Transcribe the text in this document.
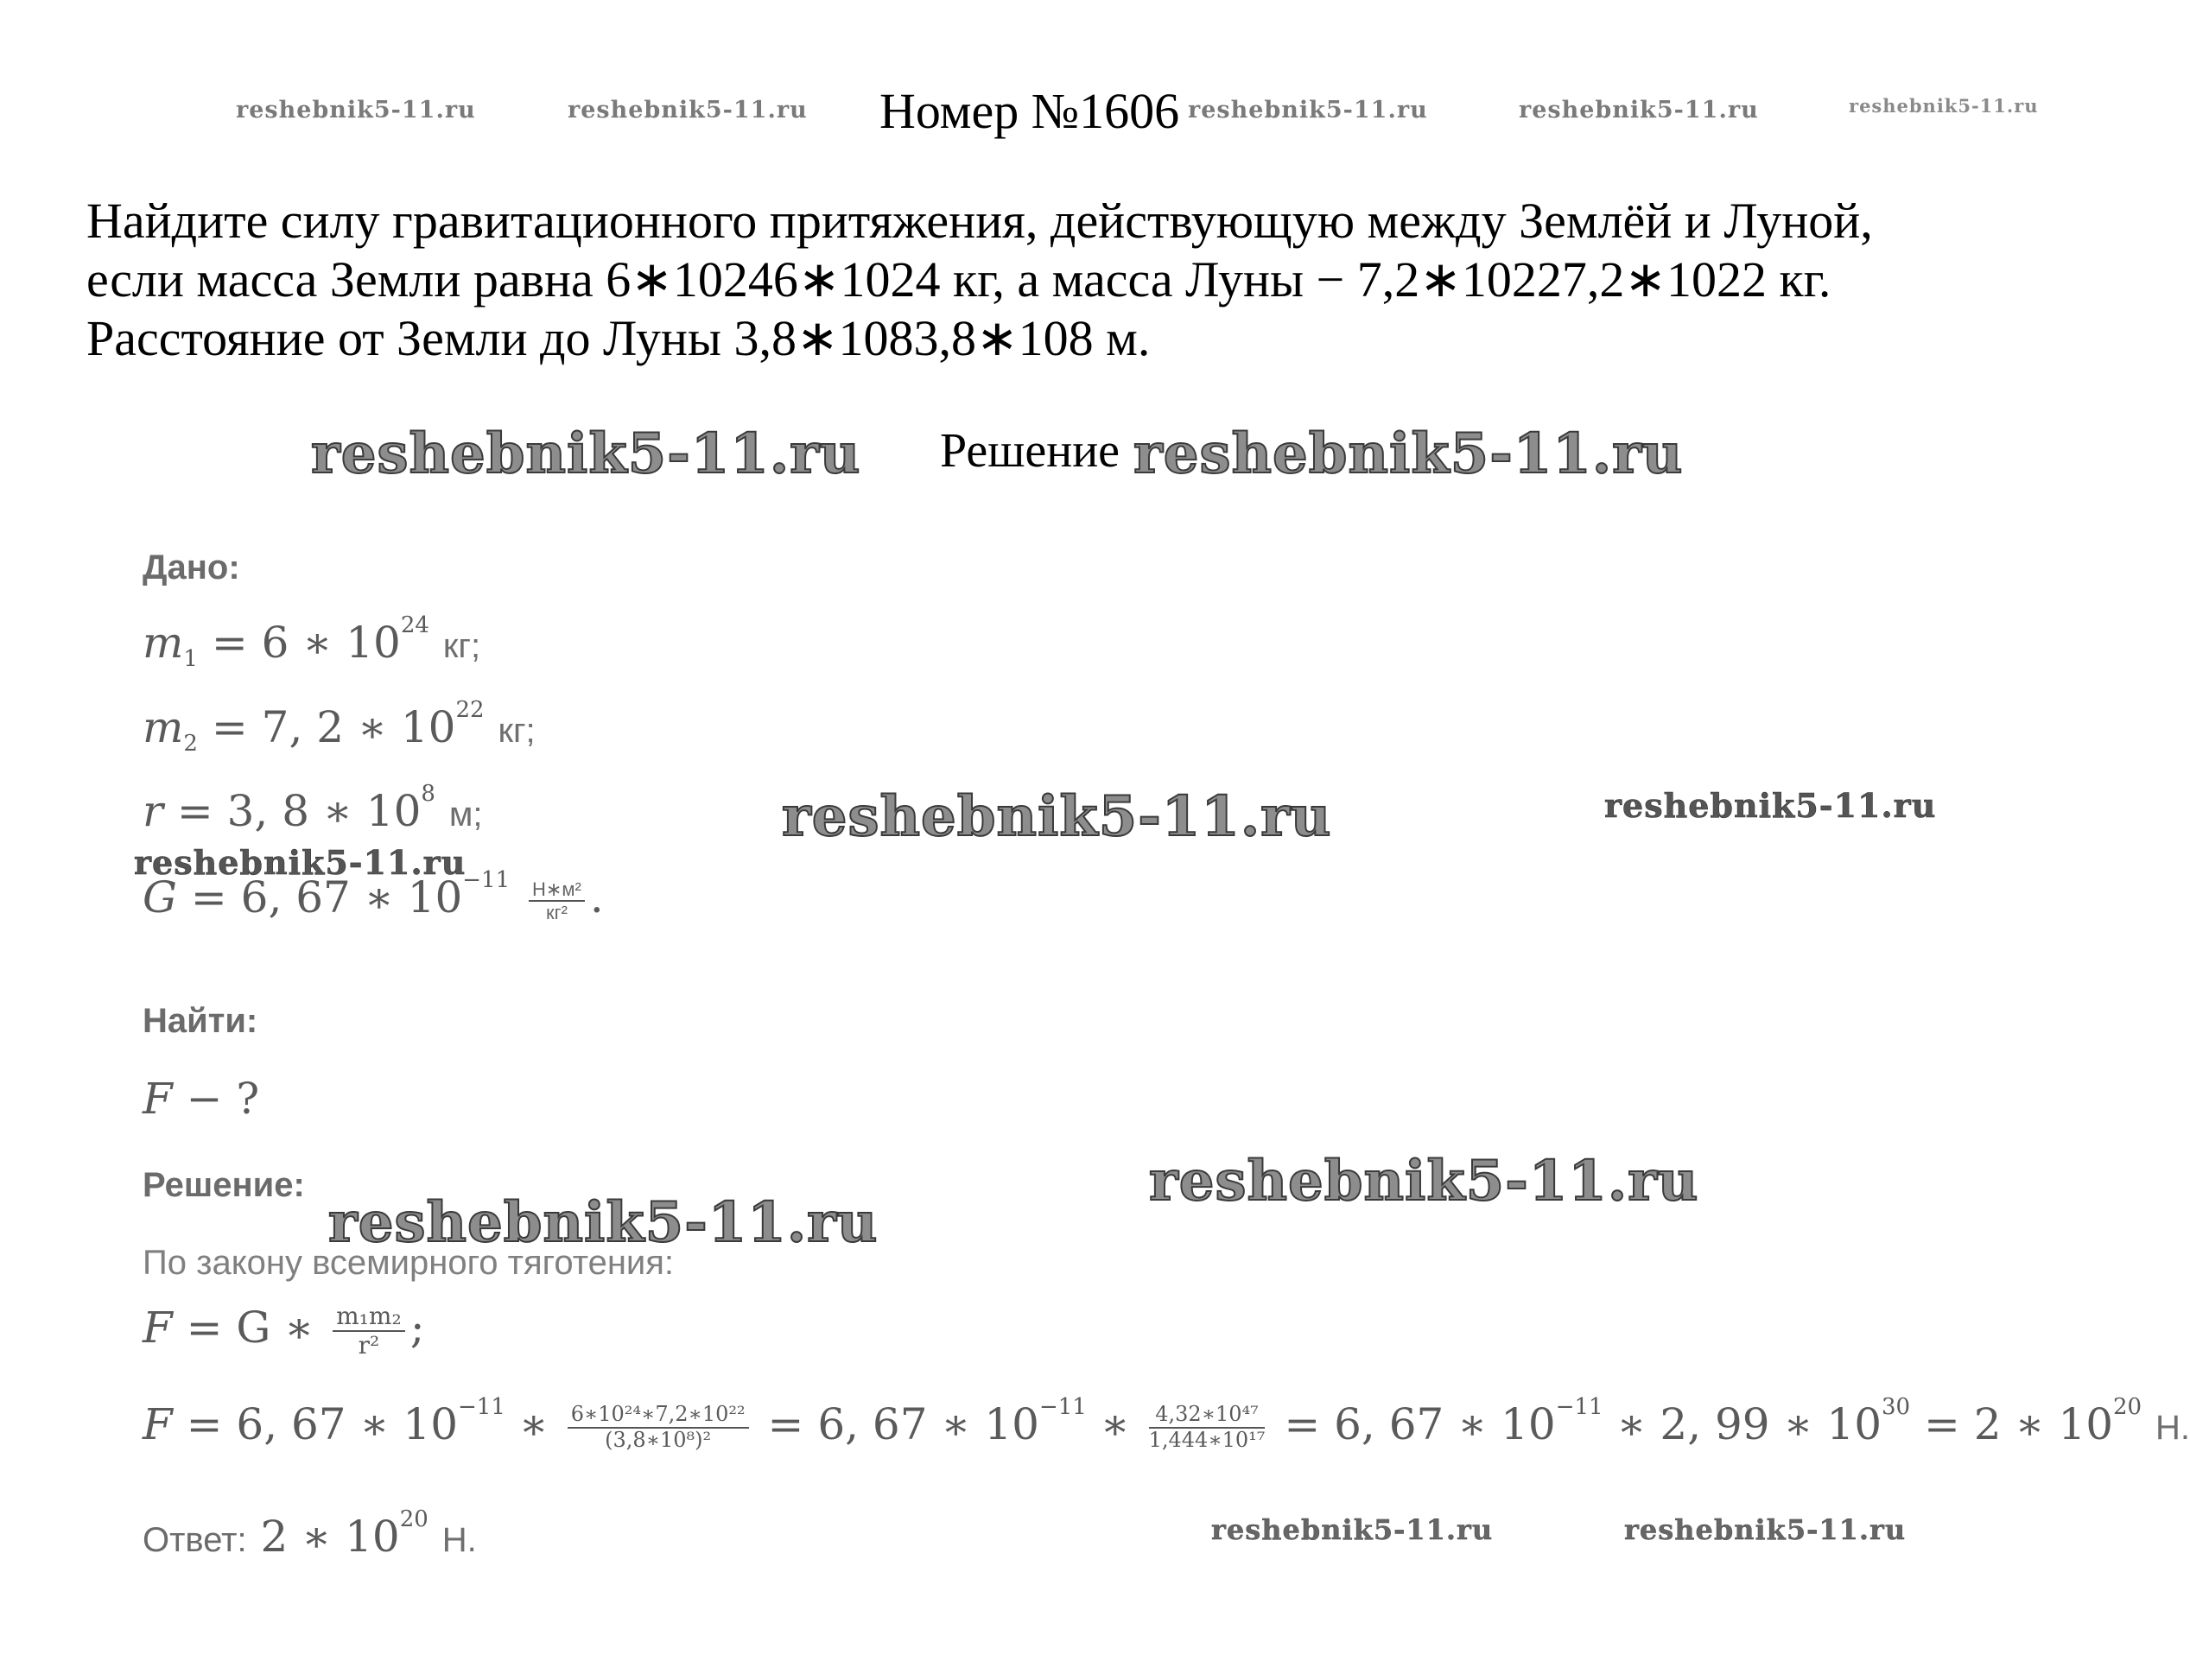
Номер №1606
reshebnik5-11.ru	reshebnik5-11.ru	reshebnik5-11.ru	reshebnik5-11.ru	reshebnik5-11.ru
Найдите силу гравитационного притяжения, действующую между Землёй и Луной,
если масса Земли равна 6∗10246∗1024 кг, а масса Луны − 7,2∗10227,2∗1022 кг.
Расстояние от Земли до Луны 3,8∗1083,8∗108 м.
reshebnik5-11.ru Решение reshebnik5-11.ru
Дано:
$m_1 = 6$ ∗ $10^{24}$ кг;
$m_2 = 7$, 2 ∗ $10^{22}$ кг;
r = 3, 8 ∗ $10^8$ м;	reshebnik5-11.ru	reshebnik5-11.ru
reshebnik5-11.ru
G = 6, 67 ∗ $10^{-11} \frac{\text{Н∗м²}}{\text{кг²}}$ .
Найти:
F − ?
Решение:	reshebnik5-11.ru
reshebnik5-11.ru
По закону всемирного тяготения:
F = G ∗ $\frac{\text{m₁m₂}}{\text{r²}}$ ;
F = 6, 67 ∗ $10^{-11}$ ∗ $\frac{\text{6∗10²⁴∗7,2∗10²²}}{\text{(3,8∗10⁸)²}} = 6$, 67 ∗ $10^{-11}$ ∗ $\frac{\text{4,32∗10⁴⁷}}{\text{1,444∗10¹⁷}} = 6$, 67 ∗ $10^{-11}$ ∗ 2, 99 ∗ $10^{30} = 2$ ∗ $10^{20}$ Н.
Ответ: 2 ∗ $10^{20}$ Н.	reshebnik5-11.ru	reshebnik5-11.ru
